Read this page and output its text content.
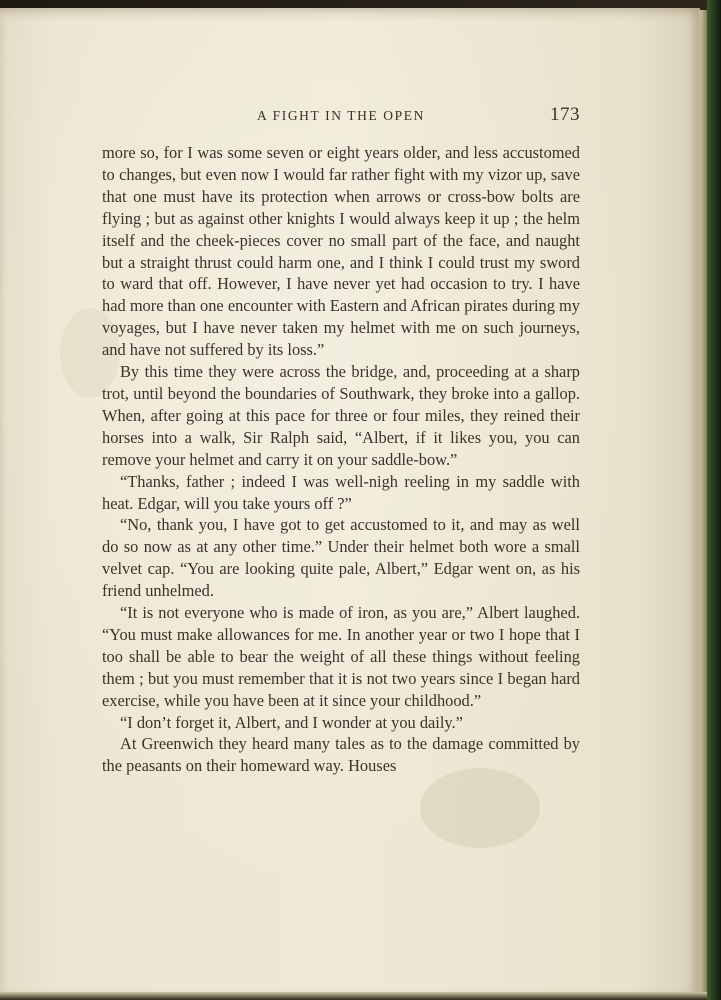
A FIGHT IN THE OPEN	173

more so, for I was some seven or eight years older, and less accustomed to changes, but even now I would far rather fight with my vizor up, save that one must have its protection when arrows or cross-bow bolts are flying ; but as against other knights I would always keep it up ; the helm itself and the cheek-pieces cover no small part of the face, and naught but a straight thrust could harm one, and I think I could trust my sword to ward that off. However, I have never yet had occasion to try. I have had more than one encounter with Eastern and African pirates during my voyages, but I have never taken my helmet with me on such journeys, and have not suffered by its loss.”

By this time they were across the bridge, and, proceeding at a sharp trot, until beyond the boundaries of Southwark, they broke into a gallop. When, after going at this pace for three or four miles, they reined their horses into a walk, Sir Ralph said, “Albert, if it likes you, you can remove your helmet and carry it on your saddle-bow.”

“Thanks, father ; indeed I was well-nigh reeling in my saddle with heat. Edgar, will you take yours off ?”

“No, thank you, I have got to get accustomed to it, and may as well do so now as at any other time.” Under their helmet both wore a small velvet cap. “You are looking quite pale, Albert,” Edgar went on, as his friend unhelmed.

“It is not everyone who is made of iron, as you are,” Albert laughed. “You must make allowances for me. In another year or two I hope that I too shall be able to bear the weight of all these things without feeling them ; but you must remember that it is not two years since I began hard exercise, while you have been at it since your childhood.”

“I don’t forget it, Albert, and I wonder at you daily.”

At Greenwich they heard many tales as to the damage committed by the peasants on their homeward way. Houses
